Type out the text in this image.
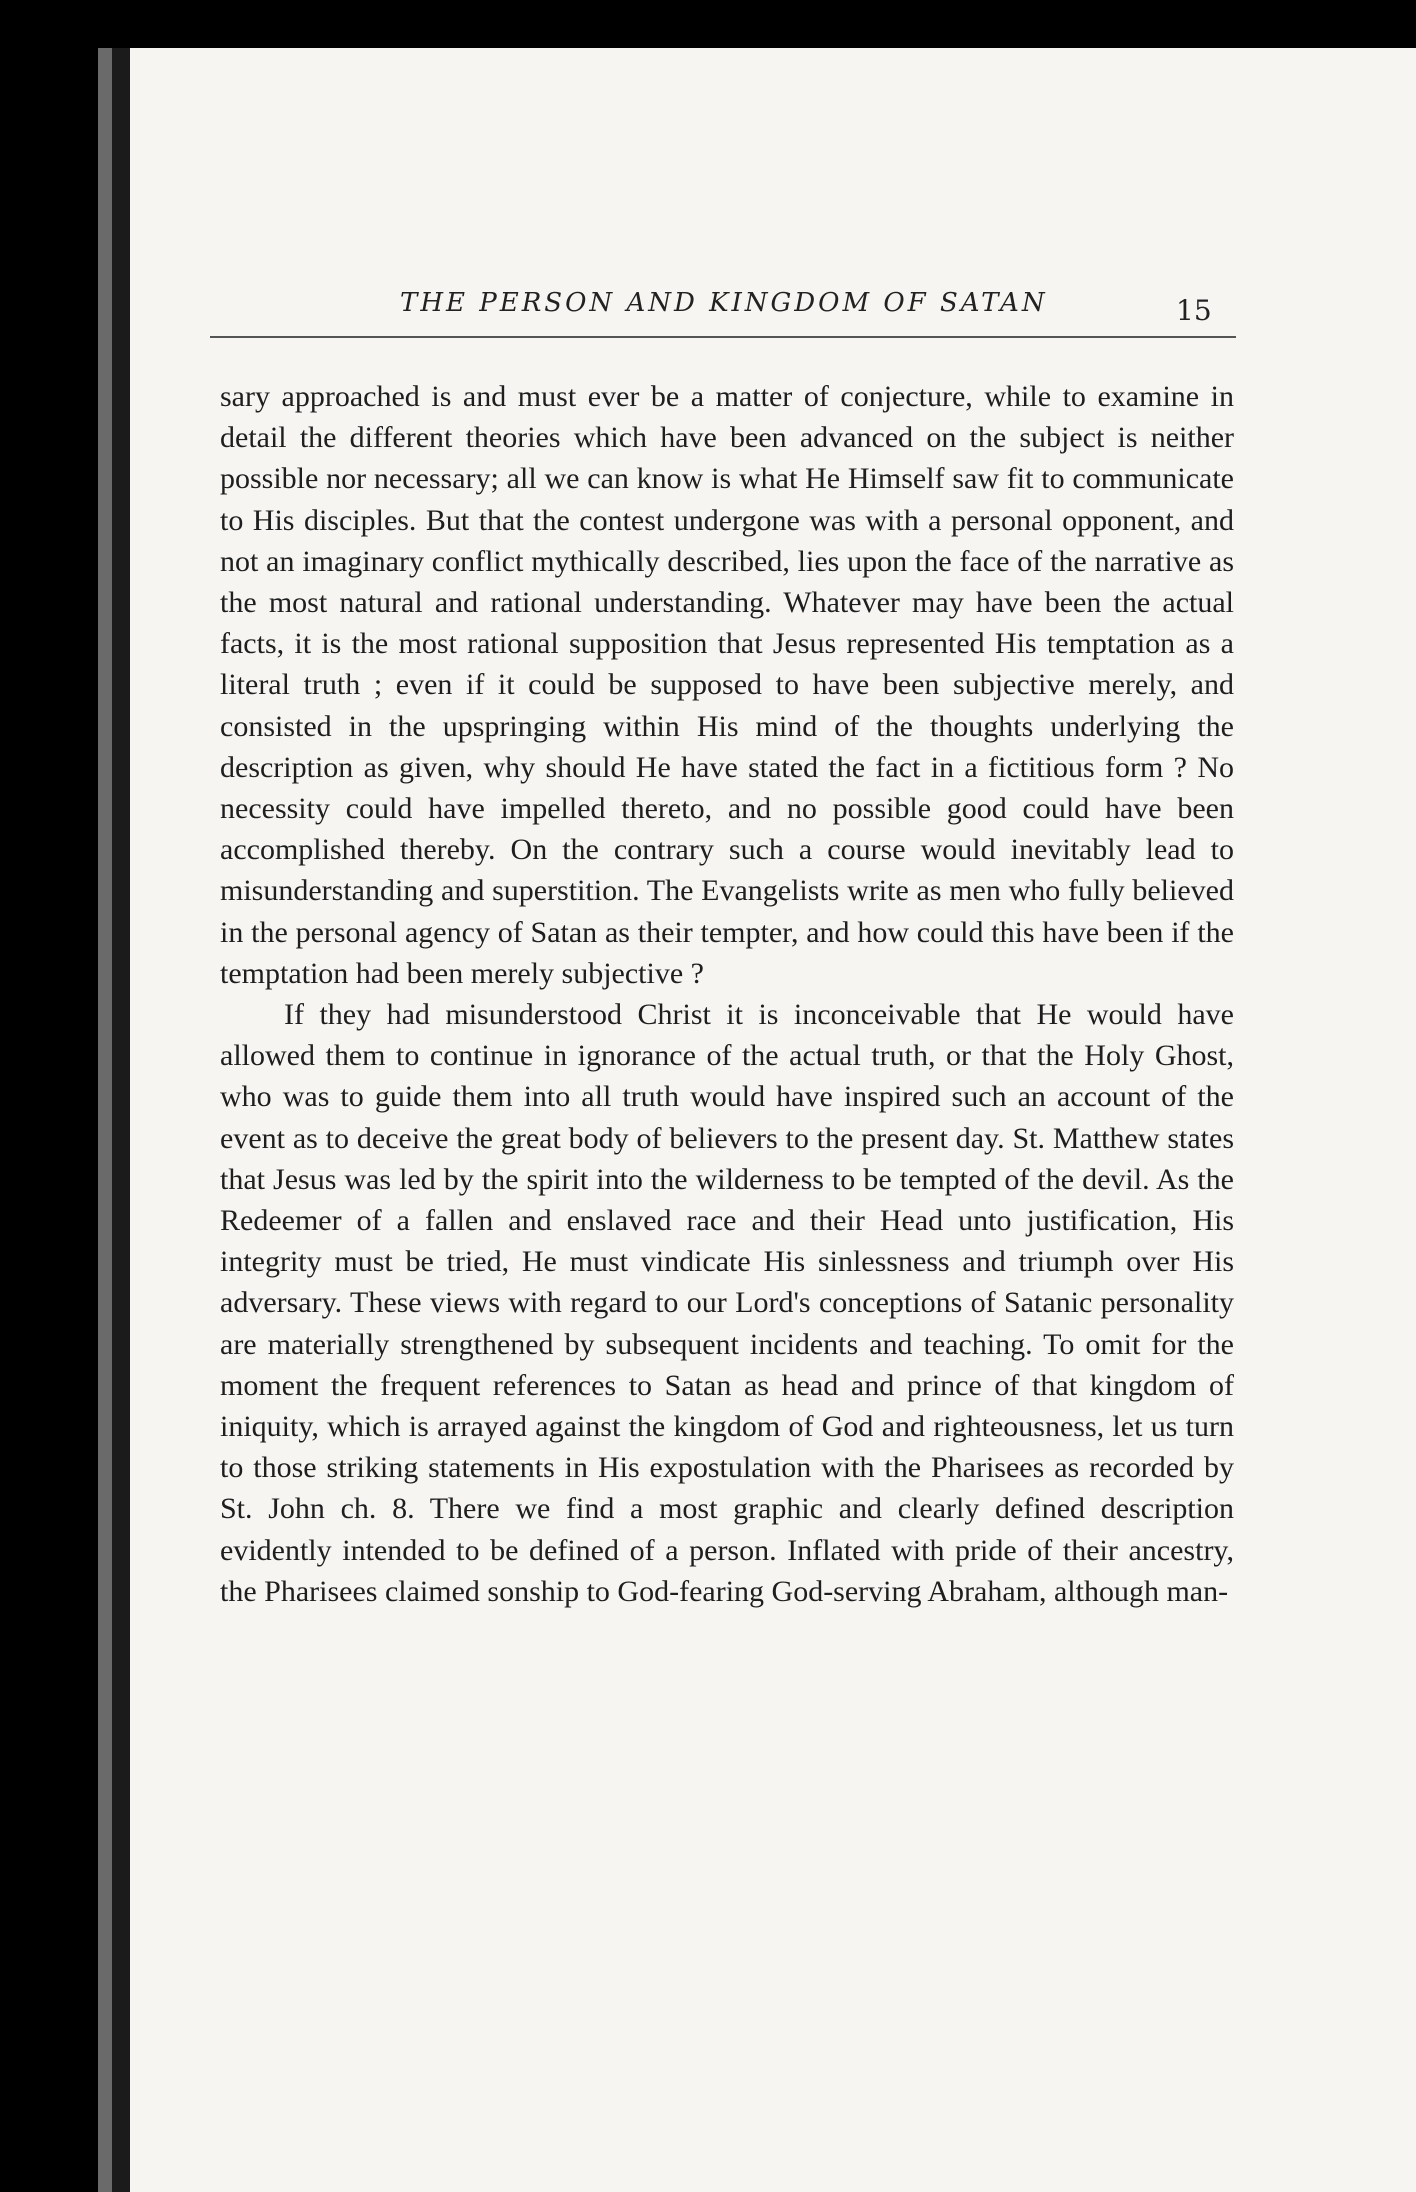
THE PERSON AND KINGDOM OF SATAN	15

sary approached is and must ever be a matter of conjecture, while to examine in detail the different theories which have been advanced on the subject is neither possible nor necessary; all we can know is what He Himself saw fit to communicate to His disciples. But that the contest undergone was with a personal opponent, and not an imaginary conflict mythically described, lies upon the face of the narrative as the most natural and rational understanding. Whatever may have been the actual facts, it is the most rational supposition that Jesus represented His temptation as a literal truth ; even if it could be supposed to have been subjective merely, and consisted in the upspringing within His mind of the thoughts underlying the description as given, why should He have stated the fact in a fictitious form ? No necessity could have impelled thereto, and no possible good could have been accomplished thereby. On the contrary such a course would inevitably lead to misunderstanding and superstition. The Evangelists write as men who fully believed in the personal agency of Satan as their tempter, and how could this have been if the temptation had been merely subjective ?

If they had misunderstood Christ it is inconceivable that He would have allowed them to continue in ignorance of the actual truth, or that the Holy Ghost, who was to guide them into all truth would have inspired such an account of the event as to deceive the great body of believers to the present day. St. Matthew states that Jesus was led by the spirit into the wilderness to be tempted of the devil. As the Redeemer of a fallen and enslaved race and their Head unto justification, His integrity must be tried, He must vindicate His sinlessness and triumph over His adversary. These views with regard to our Lord's conceptions of Satanic personality are materially strengthened by subsequent incidents and teaching. To omit for the moment the frequent references to Satan as head and prince of that kingdom of iniquity, which is arrayed against the kingdom of God and righteousness, let us turn to those striking statements in His expostulation with the Pharisees as recorded by St. John ch. 8. There we find a most graphic and clearly defined description evidently intended to be defined of a person. Inflated with pride of their ancestry, the Pharisees claimed sonship to God-fearing God-serving Abraham, although man-
